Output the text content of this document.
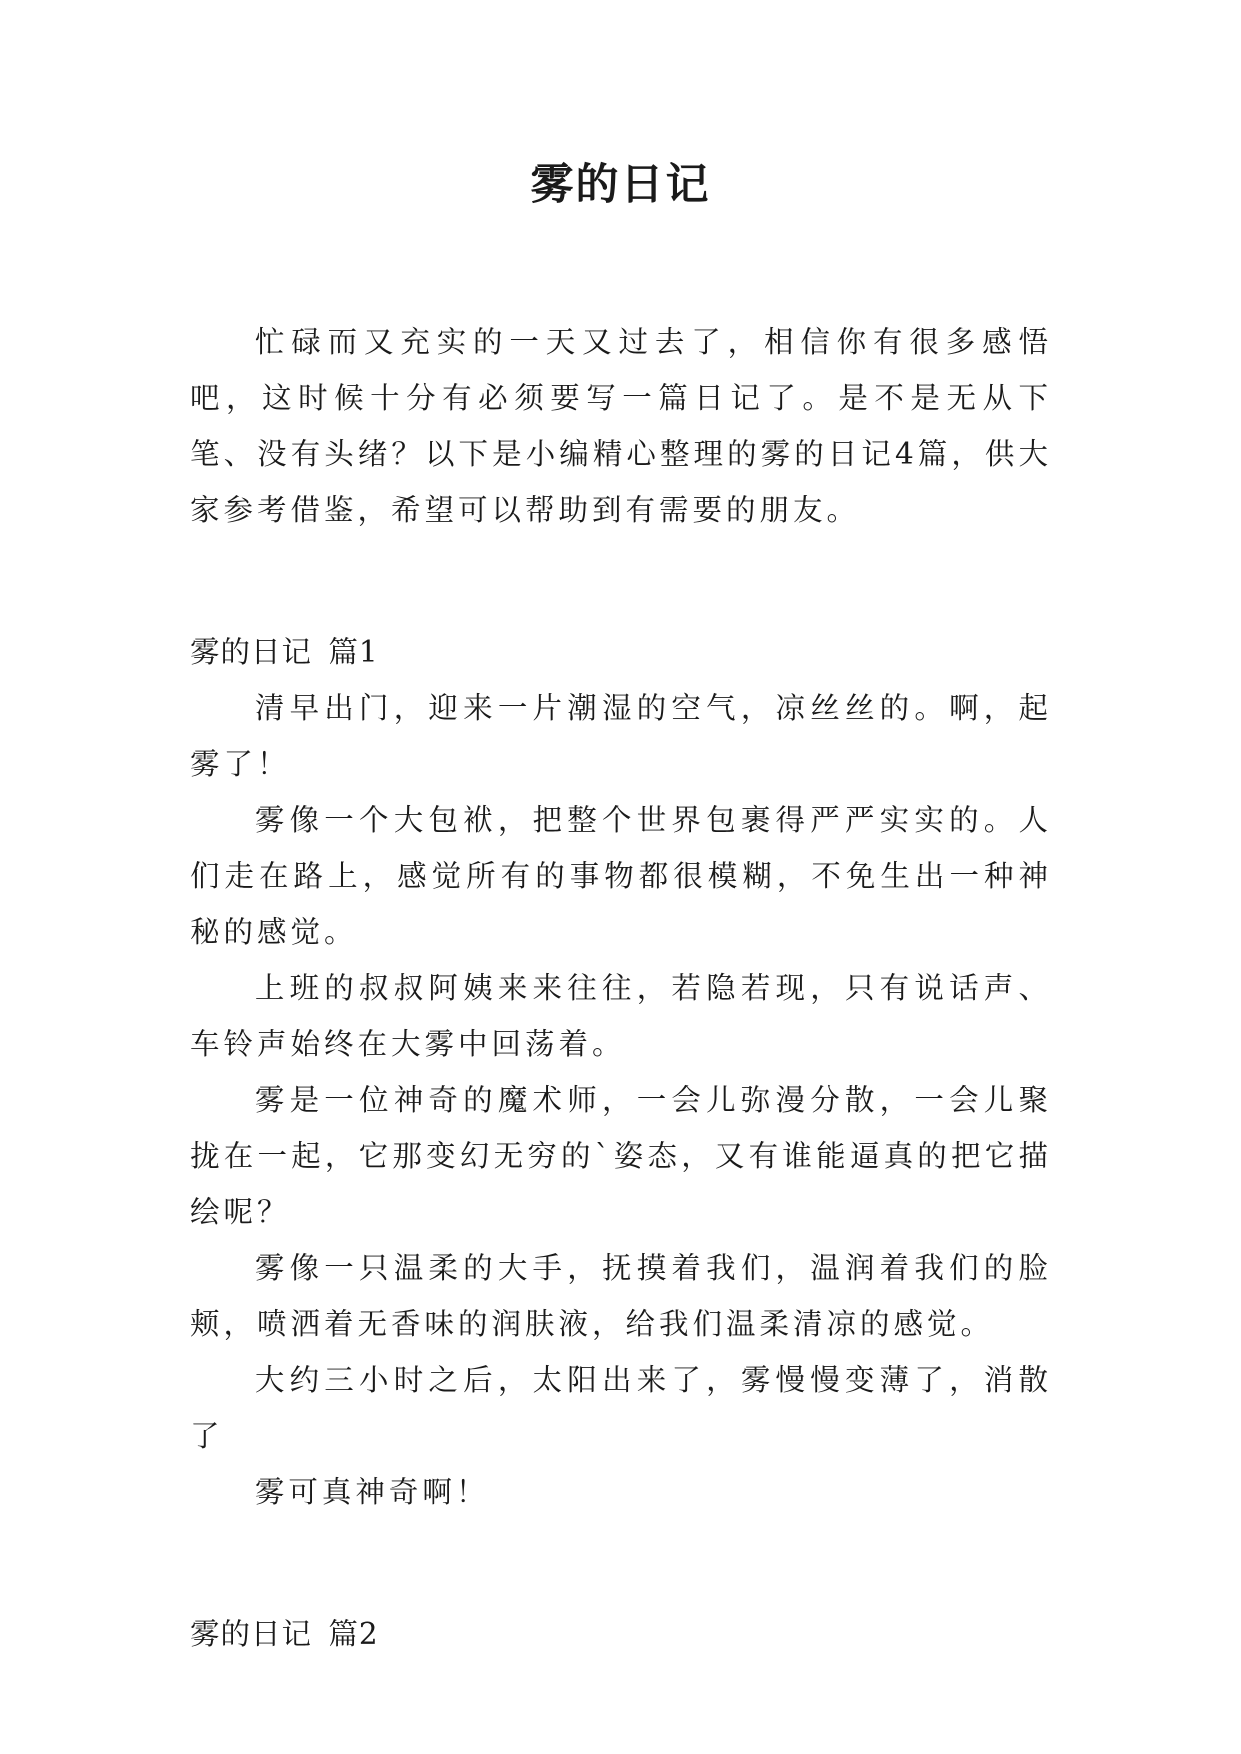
雾的日记

忙碌而又充实的一天又过去了，相信你有很多感悟吧，这时候十分有必须要写一篇日记了。是不是无从下笔、没有头绪？以下是小编精心整理的雾的日记4篇，供大家参考借鉴，希望可以帮助到有需要的朋友。

雾的日记 篇1

清早出门，迎来一片潮湿的空气，凉丝丝的。啊，起雾了！

雾像一个大包袱，把整个世界包裹得严严实实的。人们走在路上，感觉所有的事物都很模糊，不免生出一种神秘的感觉。

上班的叔叔阿姨来来往往，若隐若现，只有说话声、车铃声始终在大雾中回荡着。

雾是一位神奇的魔术师，一会儿弥漫分散，一会儿聚拢在一起，它那变幻无穷的`姿态，又有谁能逼真的把它描绘呢？

雾像一只温柔的大手，抚摸着我们，温润着我们的脸颊，喷洒着无香味的润肤液，给我们温柔清凉的感觉。

大约三小时之后，太阳出来了，雾慢慢变薄了，消散了

雾可真神奇啊！

雾的日记 篇2
